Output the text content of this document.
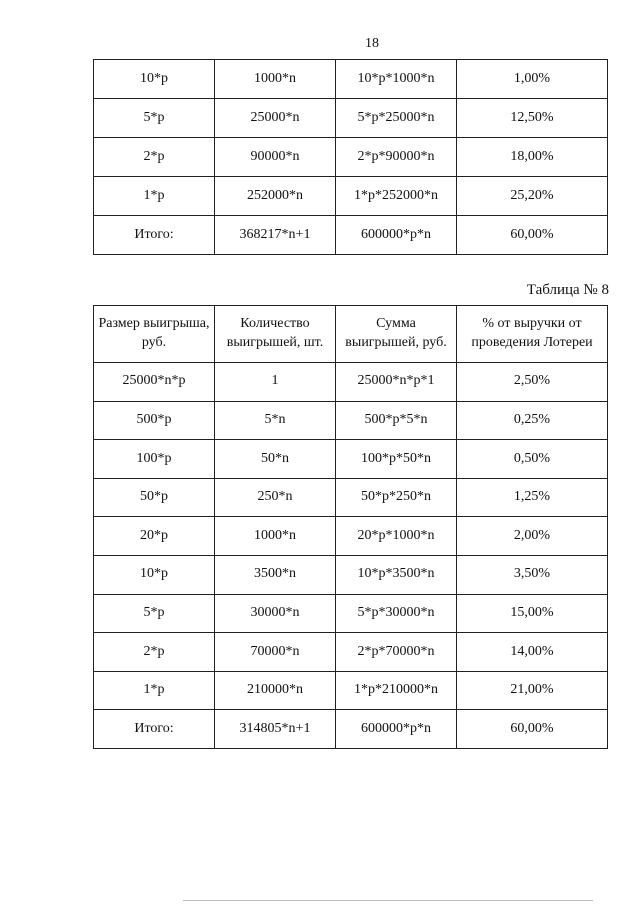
18
10*р	1000*n	10*р*1000*n	1,00%
5*р	25000*n	5*р*25000*n	12,50%
2*р	90000*n	2*р*90000*n	18,00%
1*р	252000*n	1*р*252000*n	25,20%
Итого:	368217*n+1	600000*р*n	60,00%
Таблица № 8
Размер выигрыша, руб.	Количество выигрышей, шт.	Сумма выигрышей, руб.	% от выручки от проведения Лотереи
25000*n*р	1	25000*n*р*1	2,50%
500*р	5*n	500*р*5*n	0,25%
100*р	50*n	100*р*50*n	0,50%
50*р	250*n	50*р*250*n	1,25%
20*р	1000*n	20*р*1000*n	2,00%
10*р	3500*n	10*р*3500*n	3,50%
5*р	30000*n	5*р*30000*n	15,00%
2*р	70000*n	2*р*70000*n	14,00%
1*р	210000*n	1*р*210000*n	21,00%
Итого:	314805*n+1	600000*р*n	60,00%
